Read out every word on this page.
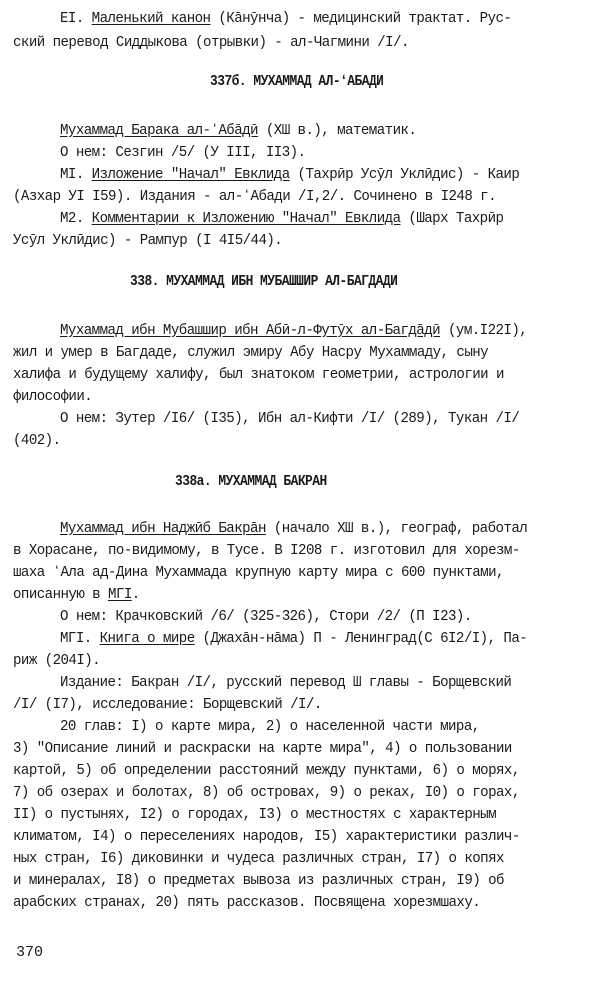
EI. Маленький канон (Кāнӯнча) - медицинский трактат. Рус-
ский перевод Сиддыкова (отрывки) - ал-Чагмини /I/.
337б. МУХАММАД АЛ-ʻАБАДИ
Мухаммад Барака ал-ʻАбāдӣ (XШ в.), математик.
О нем: Сезгин /5/ (У III, II3).
MI. Изложение "Начал" Евклида (Тахрӣр Усӯл Уклӣдис) - Каир
(Азхар УI I59). Издания - ал-ʻАбади /I,2/. Сочинено в I248 г.
M2. Комментарии к Изложению "Начал" Евклида (Шарх Тахрӣр
Усӯл Уклӣдис) - Рампур (I 4I5/44).
338. МУХАММАД ИБН МУБАШШИР АЛ-БАГДАДИ
Мухаммад ибн Мубашшир ибн Абӣ-л-Футӯх ал-Багдāдӣ (ум.I22I),
жил и умер в Багдаде, служил эмиру Абу Насру Мухаммаду, сыну
халифа и будущему халифу, был знатоком геометрии, астрологии и
философии.
О нем: Зутер /I6/ (I35), Ибн ал-Кифти /I/ (289), Тукан /I/
(402).
338а. МУХАММАД БАКРАН
Мухаммад ибн Наджӣб Бакрāн (начало XШ в.), географ, работал
в Хорасане, по-видимому, в Тусе. В I208 г. изготовил для хорезм-
шаха ʻАла ад-Дина Мухаммада крупную карту мира с 600 пунктами,
описанную в МГI.
О нем: Крачковский /6/ (325-326), Стори /2/ (П I23).
МГI. Книга о мире (Джахāн-нāма) П - Ленинград(С 6I2/I), Па-
риж (204I).
Издание: Бакран /I/, русский перевод Ш главы - Борщевский
/I/ (I7), исследование: Борщевский /I/.
20 глав: I) о карте мира, 2) о населенной части мира,
3) "Описание линий и раскраски на карте мира", 4) о пользовании
картой, 5) об определении расстояний между пунктами, 6) о морях,
7) об озерах и болотах, 8) об островах, 9) о реках, I0) о горах,
II) о пустынях, I2) о городах, I3) о местностях с характерным
климатом, I4) о переселениях народов, I5) характеристики различ-
ных стран, I6) диковинки и чудеса различных стран, I7) о копях
и минералах, I8) о предметах вывоза из различных стран, I9) об
арабских странах, 20) пять рассказов. Посвящена хорезмшаху.
370
